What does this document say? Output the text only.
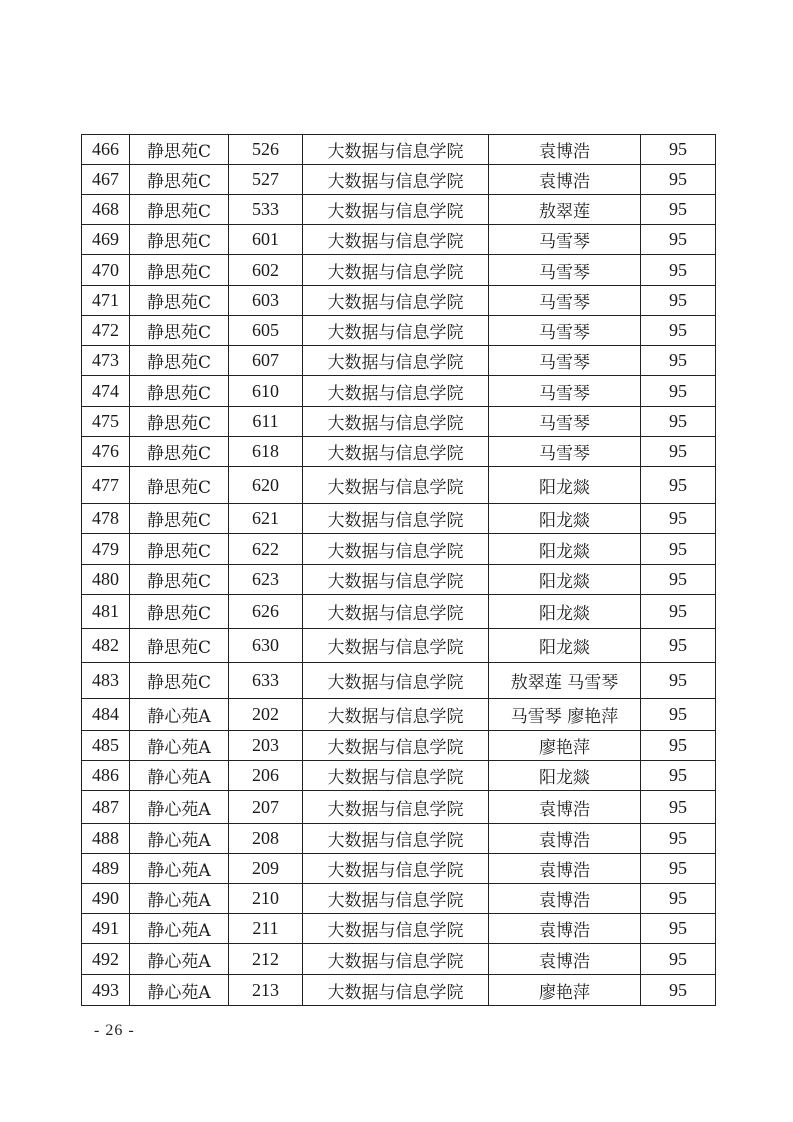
466	静思苑C	526	大数据与信息学院	袁博浩	95
467	静思苑C	527	大数据与信息学院	袁博浩	95
468	静思苑C	533	大数据与信息学院	敖翠莲	95
469	静思苑C	601	大数据与信息学院	马雪琴	95
470	静思苑C	602	大数据与信息学院	马雪琴	95
471	静思苑C	603	大数据与信息学院	马雪琴	95
472	静思苑C	605	大数据与信息学院	马雪琴	95
473	静思苑C	607	大数据与信息学院	马雪琴	95
474	静思苑C	610	大数据与信息学院	马雪琴	95
475	静思苑C	611	大数据与信息学院	马雪琴	95
476	静思苑C	618	大数据与信息学院	马雪琴	95
477	静思苑C	620	大数据与信息学院	阳龙燚	95
478	静思苑C	621	大数据与信息学院	阳龙燚	95
479	静思苑C	622	大数据与信息学院	阳龙燚	95
480	静思苑C	623	大数据与信息学院	阳龙燚	95
481	静思苑C	626	大数据与信息学院	阳龙燚	95
482	静思苑C	630	大数据与信息学院	阳龙燚	95
483	静思苑C	633	大数据与信息学院	敖翠莲 马雪琴	95
484	静心苑A	202	大数据与信息学院	马雪琴 廖艳萍	95
485	静心苑A	203	大数据与信息学院	廖艳萍	95
486	静心苑A	206	大数据与信息学院	阳龙燚	95
487	静心苑A	207	大数据与信息学院	袁博浩	95
488	静心苑A	208	大数据与信息学院	袁博浩	95
489	静心苑A	209	大数据与信息学院	袁博浩	95
490	静心苑A	210	大数据与信息学院	袁博浩	95
491	静心苑A	211	大数据与信息学院	袁博浩	95
492	静心苑A	212	大数据与信息学院	袁博浩	95
493	静心苑A	213	大数据与信息学院	廖艳萍	95
- 26 -
